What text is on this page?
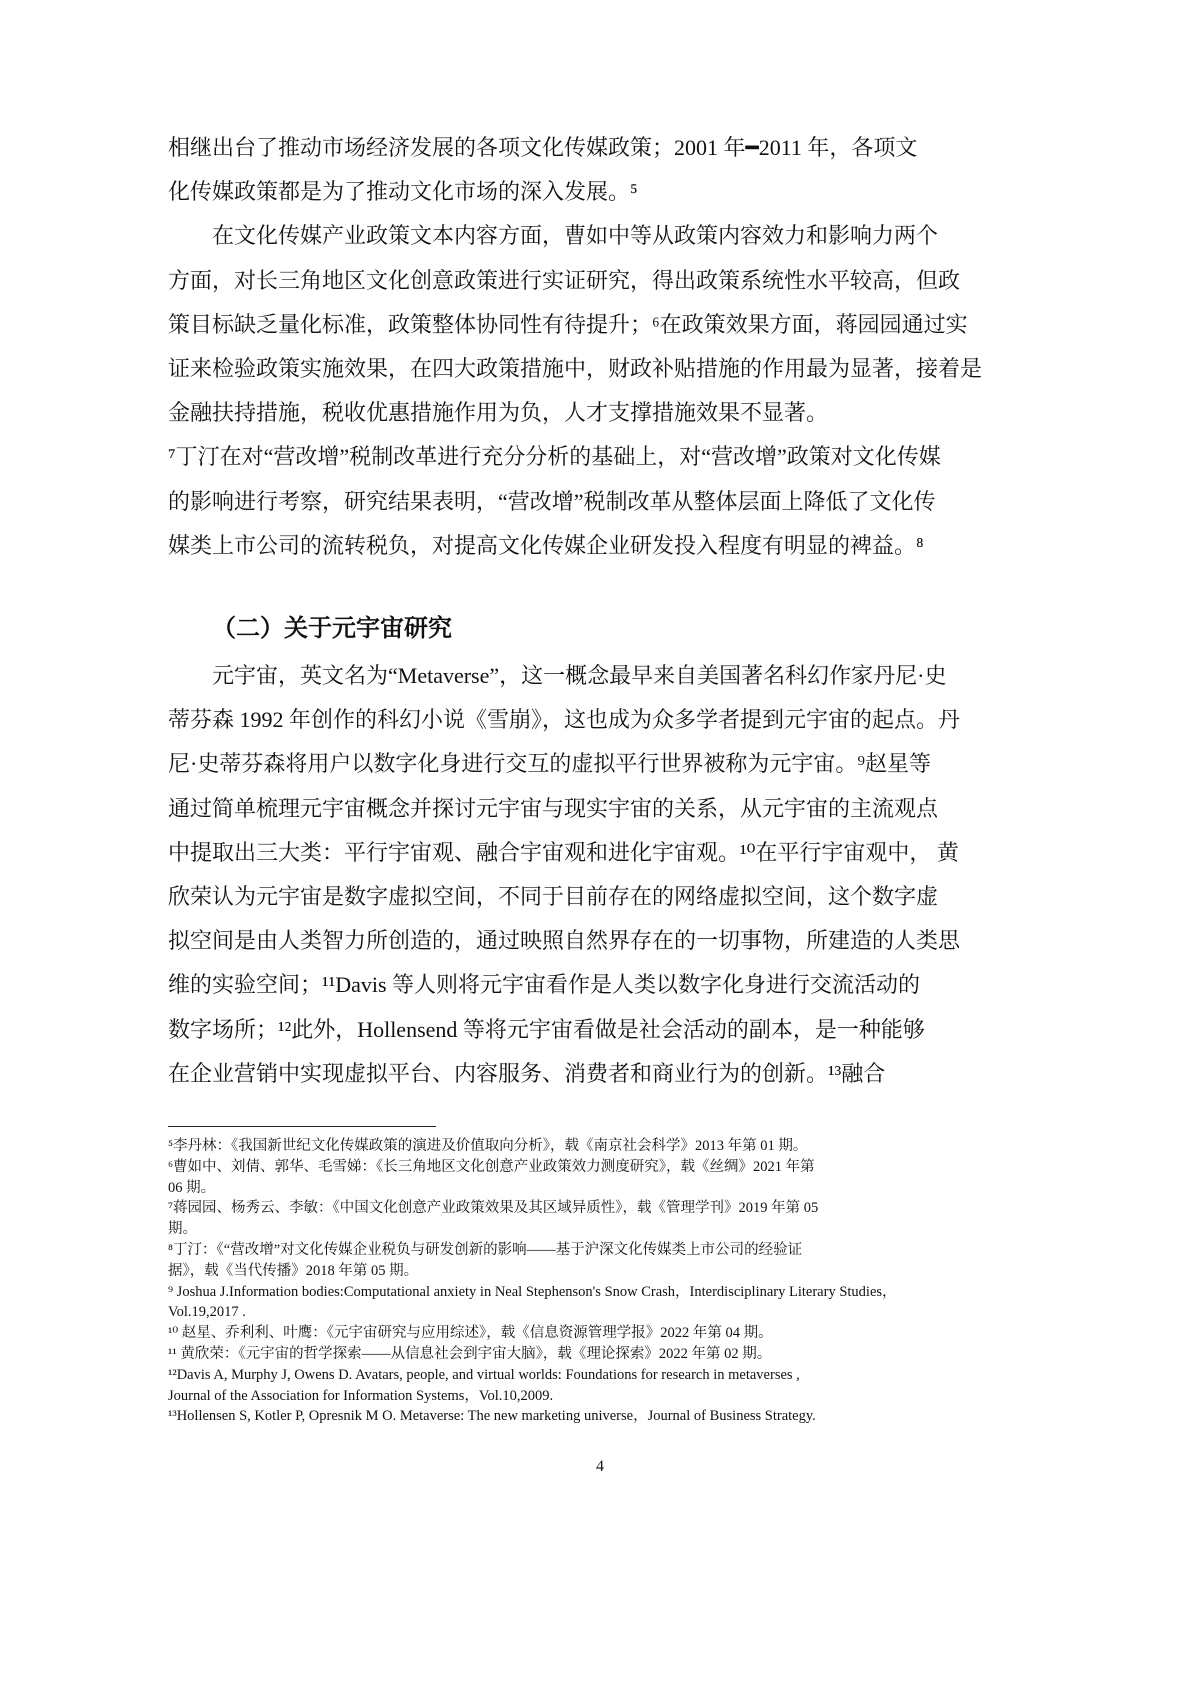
相继出台了推动市场经济发展的各项文化传媒政策；2001 年━2011 年，各项文
化传媒政策都是为了推动文化市场的深入发展。⁵
　　在文化传媒产业政策文本内容方面，曹如中等从政策内容效力和影响力两个
方面，对长三角地区文化创意政策进行实证研究，得出政策系统性水平较高，但政
策目标缺乏量化标准，政策整体协同性有待提升；⁶在政策效果方面，蒋园园通过实
证来检验政策实施效果，在四大政策措施中，财政补贴措施的作用最为显著，接着是
金融扶持措施，税收优惠措施作用为负，人才支撑措施效果不显著。
⁷丁汀在对“营改增”税制改革进行充分分析的基础上，对“营改增”政策对文化传媒
的影响进行考察，研究结果表明，“营改增”税制改革从整体层面上降低了文化传
媒类上市公司的流转税负，对提高文化传媒企业研发投入程度有明显的裨益。⁸
（二）关于元宇宙研究
　　元宇宙，英文名为“Metaverse”，这一概念最早来自美国著名科幻作家丹尼·史
蒂芬森 1992 年创作的科幻小说《雪崩》，这也成为众多学者提到元宇宙的起点。丹
尼·史蒂芬森将用户以数字化身进行交互的虚拟平行世界被称为元宇宙。⁹赵星等
通过简单梳理元宇宙概念并探讨元宇宙与现实宇宙的关系，从元宇宙的主流观点
中提取出三大类：平行宇宙观、融合宇宙观和进化宇宙观。¹⁰在平行宇宙观中， 黄
欣荣认为元宇宙是数字虚拟空间，不同于目前存在的网络虚拟空间，这个数字虚
拟空间是由人类智力所创造的，通过映照自然界存在的一切事物，所建造的人类思
维的实验空间；¹¹Davis 等人则将元宇宙看作是人类以数字化身进行交流活动的
数字场所；¹²此外，Hollensend 等将元宇宙看做是社会活动的副本，是一种能够
在企业营销中实现虚拟平台、内容服务、消费者和商业行为的创新。¹³融合
⁵李丹林：《我国新世纪文化传媒政策的演进及价值取向分析》，载《南京社会科学》2013 年第 01 期。
⁶曹如中、刘倩、郭华、毛雪娣：《长三角地区文化创意产业政策效力测度研究》，载《丝绸》2021 年第
06 期。
⁷蒋园园、杨秀云、李敏：《中国文化创意产业政策效果及其区域异质性》，载《管理学刊》2019 年第 05
期。
⁸丁汀：《“营改增”对文化传媒企业税负与研发创新的影响——基于沪深文化传媒类上市公司的经验证
据》，载《当代传播》2018 年第 05 期。
⁹ Joshua J.Information bodies:Computational anxiety in Neal Stephenson's Snow Crash，Interdisciplinary Literary Studies，
Vol.19,2017 .
¹⁰ 赵星、乔利利、叶鹰：《元宇宙研究与应用综述》，载《信息资源管理学报》2022 年第 04 期。
¹¹ 黄欣荣：《元宇宙的哲学探索——从信息社会到宇宙大脑》，载《理论探索》2022 年第 02 期。
¹²Davis A, Murphy J, Owens D. Avatars, people, and virtual worlds: Foundations for research in metaverses ,
Journal of the Association for Information Systems，Vol.10,2009.
¹³Hollensen S, Kotler P, Opresnik M O. Metaverse: The new marketing universe，Journal of Business Strategy.
4
